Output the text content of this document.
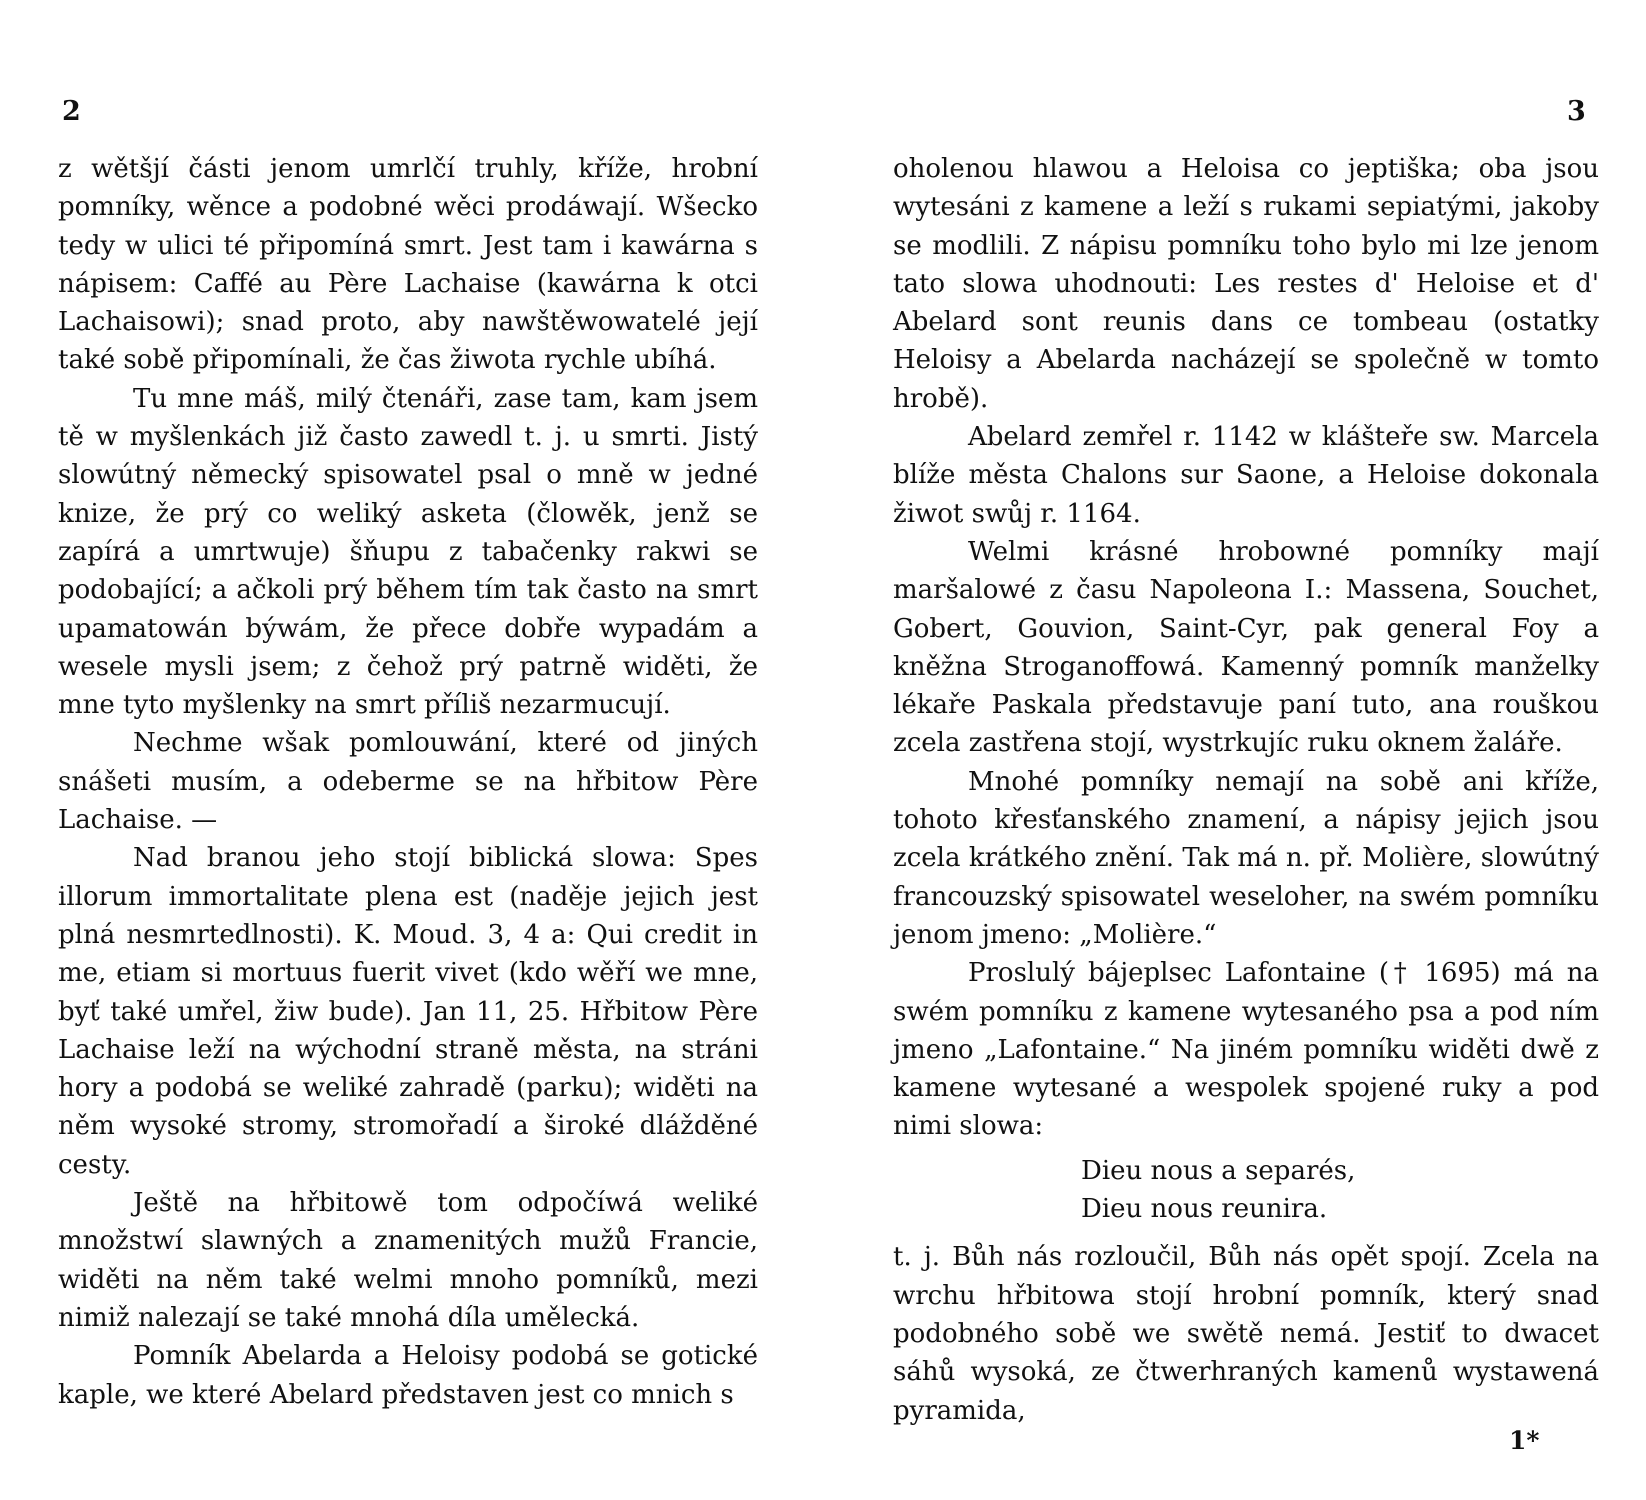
2

z wětšjí části jenom umrlčí truhly, kříže, hrobní pomníky, wěnce a podobné wěci prodáwají. Wšecko tedy w ulici té připomíná smrt. Jest tam i kawárna s nápisem: Caffé au Père Lachaise (kawárna k otci Lachaisowi); snad proto, aby nawštěwowatelé její také sobě připomínali, že čas žiwota rychle ubíhá.

Tu mne máš, milý čtenáři, zase tam, kam jsem tě w myšlenkách již často zawedl t. j. u smrti. Jistý slowútný německý spisowatel psal o mně w jedné knize, že prý co weliký asketa (člowěk, jenž se zapírá a umrtwuje) šňupu z tabačenky rakwi se podobající; a ačkoli prý během tím tak často na smrt upamatowán býwám, že přece dobře wypadám a wesele mysli jsem; z čehož prý patrně widěti, že mne tyto myšlenky na smrt příliš nezarmucují.

Nechme wšak pomlouwání, které od jiných snášeti musím, a odeberme se na hřbitow Père Lachaise. —

Nad branou jeho stojí biblická slowa: Spes illorum immortalitate plena est (naděje jejich jest plná nesmrtedlnosti). K. Moud. 3, 4 a: Qui credit in me, etiam si mortuus fuerit vivet (kdo wěří we mne, byť také umřel, žiw bude). Jan 11, 25. Hřbitow Père Lachaise leží na wýchodní straně města, na stráni hory a podobá se weliké zahradě (parku); widěti na něm wysoké stromy, stromořadí a široké dlážděné cesty.

Ještě na hřbitowě tom odpočíwá weliké množstwí slawných a znamenitých mužů Francie, widěti na něm také welmi mnoho pomníků, mezi nimiž nalezají se také mnohá díla umělecká.

Pomník Abelarda a Heloisy podobá se gotické kaple, we které Abelard představen jest co mnich s

3

oholenou hlawou a Heloisa co jeptiška; oba jsou wytesáni z kamene a leží s rukami sepiatými, jakoby se modlili. Z nápisu pomníku toho bylo mi lze jenom tato slowa uhodnouti: Les restes d' Heloise et d' Abelard sont reunis dans ce tombeau (ostatky Heloisy a Abelarda nacházejí se společně w tomto hrobě).

Abelard zemřel r. 1142 w klášteře sw. Marcela blíže města Chalons sur Saone, a Heloise dokonala žiwot swůj r. 1164.

Welmi krásné hrobowné pomníky mají maršalowé z času Napoleona I.: Massena, Souchet, Gobert, Gouvion, Saint-Cyr, pak general Foy a kněžna Stroganoffowá. Kamenný pomník manželky lékaře Paskala představuje paní tuto, ana rouškou zcela zastřena stojí, wystrkujíc ruku oknem žaláře.

Mnohé pomníky nemají na sobě ani kříže, tohoto křesťanského znamení, a nápisy jejich jsou zcela krátkého znění. Tak má n. př. Molière, slowútný francouzský spisowatel weseloher, na swém pomníku jenom jmeno: „Molière.“

Proslulý bájeplsec Lafontaine († 1695) má na swém pomníku z kamene wytesaného psa a pod ním jmeno „Lafontaine.“ Na jiném pomníku widěti dwě z kamene wytesané a wespolek spojené ruky a pod nimi slowa:

Dieu nous a separés,

Dieu nous reunira.

t. j. Bůh nás rozloučil, Bůh nás opět spojí. Zcela na wrchu hřbitowa stojí hrobní pomník, který snad podobného sobě we swětě nemá. Jestiť to dwacet sáhů wysoká, ze čtwerhraných kamenů wystawená pyramida,

1*
